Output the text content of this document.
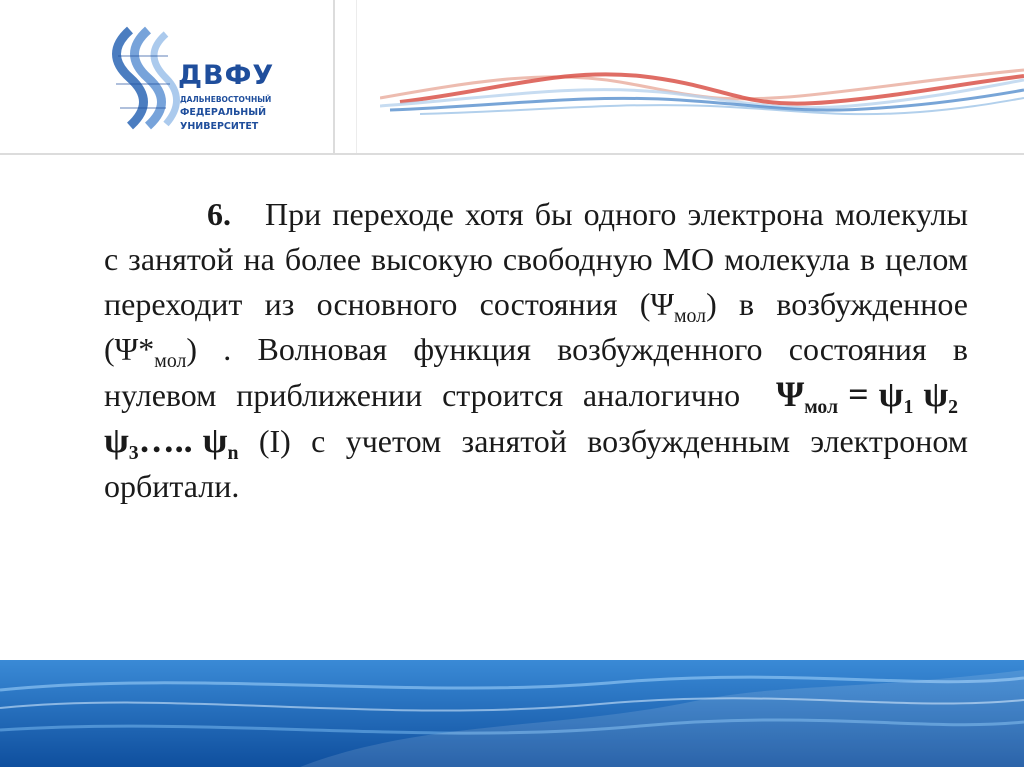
ДВФУ
ДАЛЬНЕВОСТОЧНЫЙ
ФЕДЕРАЛЬНЫЙ
УНИВЕРСИТЕТ
6. При переходе хотя бы одного электрона молекулы с занятой на более высокую свободную МО молекула в целом переходит из основного состояния $(\Psi_{мол})$ в возбужденное $(\Psi*_{мол})$ . Волновая функция возбужденного состояния в нулевом приближении строится аналогично $\Psi_{мол} = \psi_1$ $\psi_2\psi_3\dots$.. $\psi_n$ (I) с учетом занятой возбужденным электроном орбитали.
